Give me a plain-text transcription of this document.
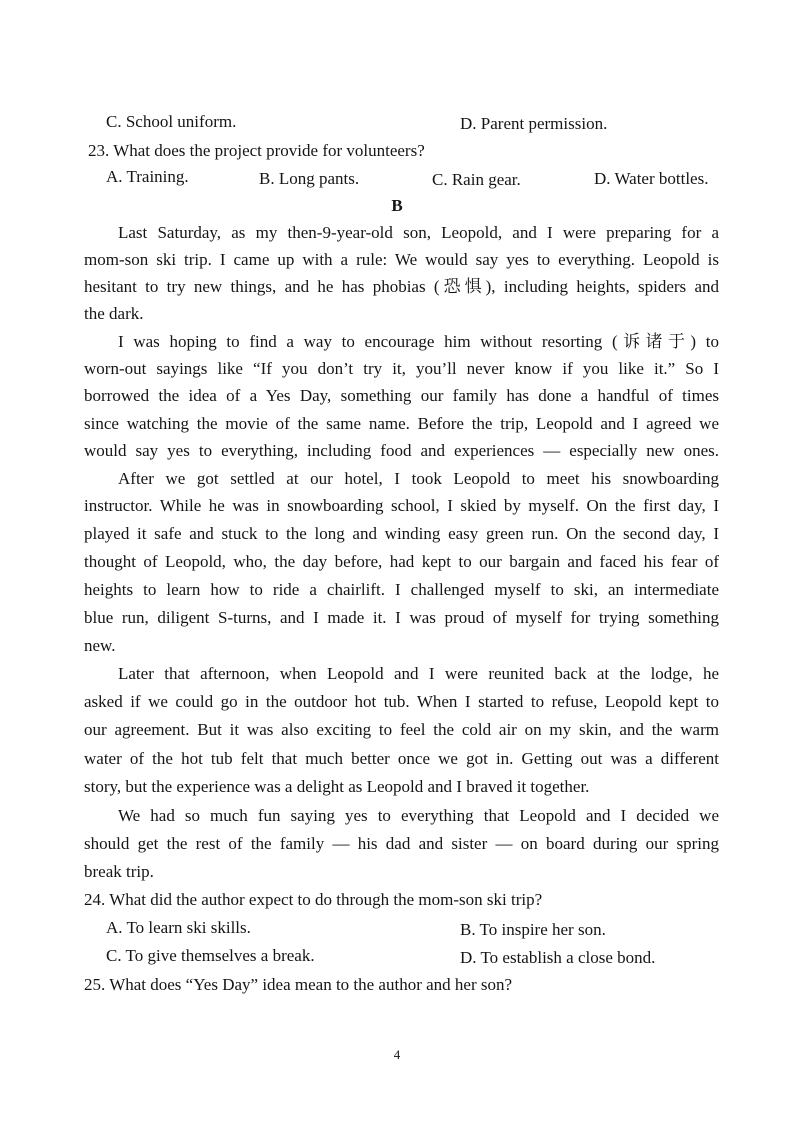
C. School uniform.	D. Parent permission.
23. What does the project provide for volunteers?
A. Training.	B. Long pants.	C. Rain gear.	D. Water bottles.
B
Last Saturday, as my then-9-year-old son, Leopold, and I were preparing for a
mom-son ski trip. I came up with a rule: We would say yes to everything. Leopold is
hesitant to try new things, and he has phobias (恐惧), including heights, spiders and
the dark.
I was hoping to find a way to encourage him without resorting (诉诸于) to
worn-out sayings like “If you don’t try it, you’ll never know if you like it.” So I
borrowed the idea of a Yes Day, something our family has done a handful of times
since watching the movie of the same name. Before the trip, Leopold and I agreed we
would say yes to everything, including food and experiences — especially new ones.
After we got settled at our hotel, I took Leopold to meet his snowboarding
instructor. While he was in snowboarding school, I skied by myself. On the first day, I
played it safe and stuck to the long and winding easy green run. On the second day, I
thought of Leopold, who, the day before, had kept to our bargain and faced his fear of
heights to learn how to ride a chairlift. I challenged myself to ski, an intermediate
blue run, diligent S-turns, and I made it. I was proud of myself for trying something
new.
Later that afternoon, when Leopold and I were reunited back at the lodge, he
asked if we could go in the outdoor hot tub. When I started to refuse, Leopold kept to
our agreement. But it was also exciting to feel the cold air on my skin, and the warm
water of the hot tub felt that much better once we got in. Getting out was a different
story, but the experience was a delight as Leopold and I braved it together.
We had so much fun saying yes to everything that Leopold and I decided we
should get the rest of the family — his dad and sister — on board during our spring
break trip.
24. What did the author expect to do through the mom-son ski trip?
A. To learn ski skills.	B. To inspire her son.
C. To give themselves a break.	D. To establish a close bond.
25. What does “Yes Day” idea mean to the author and her son?
4
